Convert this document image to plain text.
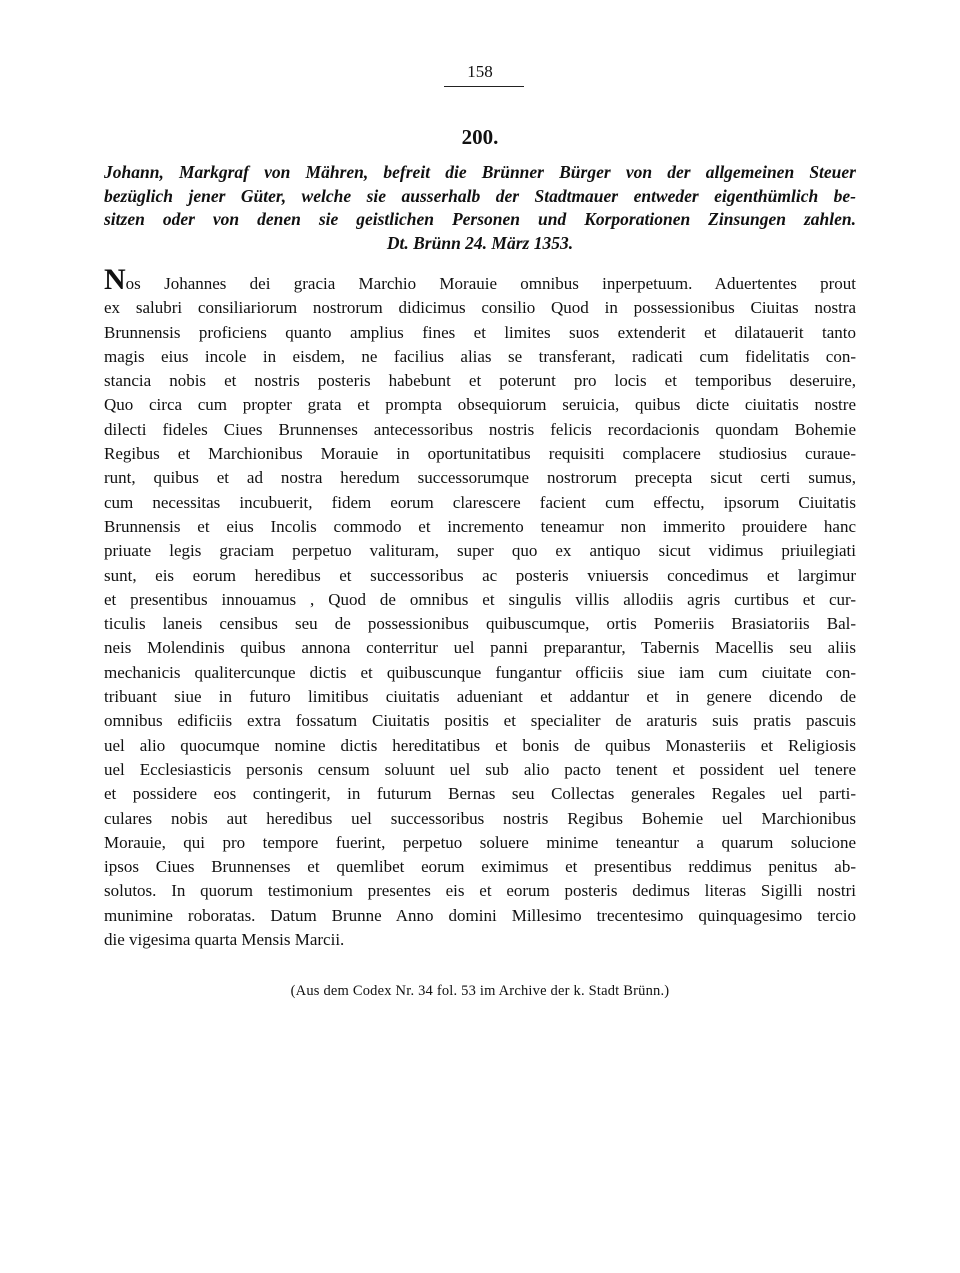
158
200.
Johann, Markgraf von Mähren, befreit die Brünner Bürger von der allgemeinen Steuer
bezüglich jener Güter, welche sie ausserhalb der Stadtmauer entweder eigenthümlich be-
sitzen oder von denen sie geistlichen Personen und Korporationen Zinsungen zahlen.
Dt. Brünn 24. März 1353.
Nos Johannes dei gracia Marchio Morauie omnibus inperpetuum. Aduertentes prout
ex salubri consiliariorum nostrorum didicimus consilio Quod in possessionibus Ciuitas nostra
Brunnensis proficiens quanto amplius fines et limites suos extenderit et dilatauerit tanto
magis eius incole in eisdem, ne facilius alias se transferant, radicati cum fidelitatis con-
stancia nobis et nostris posteris habebunt et poterunt pro locis et temporibus deseruire,
Quo circa cum propter grata et prompta obsequiorum seruicia, quibus dicte ciuitatis nostre
dilecti fideles Ciues Brunnenses antecessoribus nostris felicis recordacionis quondam Bohemie
Regibus et Marchionibus Morauie in oportunitatibus requisiti complacere studiosius curaue-
runt, quibus et ad nostra heredum successorumque nostrorum precepta sicut certi sumus,
cum necessitas incubuerit, fidem eorum clarescere facient cum effectu, ipsorum Ciuitatis
Brunnensis et eius Incolis commodo et incremento teneamur non immerito prouidere hanc
priuate legis graciam perpetuo valituram, super quo ex antiquo sicut vidimus priuilegiati
sunt, eis eorum heredibus et successoribus ac posteris vniuersis concedimus et largimur
et presentibus innouamus , Quod de omnibus et singulis villis allodiis agris curtibus et cur-
ticulis laneis censibus seu de possessionibus quibuscumque, ortis Pomeriis Brasiatoriis Bal-
neis Molendinis quibus annona conterritur uel panni preparantur, Tabernis Macellis seu aliis
mechanicis qualitercunque dictis et quibuscunque fungantur officiis siue iam cum ciuitate con-
tribuant siue in futuro limitibus ciuitatis adueniant et addantur et in genere dicendo de
omnibus edificiis extra fossatum Ciuitatis positis et specialiter de araturis suis pratis pascuis
uel alio quocumque nomine dictis hereditatibus et bonis de quibus Monasteriis et Religiosis
uel Ecclesiasticis personis censum soluunt uel sub alio pacto tenent et possident uel tenere
et possidere eos contingerit, in futurum Bernas seu Collectas generales Regales uel parti-
culares nobis aut heredibus uel successoribus nostris Regibus Bohemie uel Marchionibus
Morauie, qui pro tempore fuerint, perpetuo soluere minime teneantur a quarum solucione
ipsos Ciues Brunnenses et quemlibet eorum eximimus et presentibus reddimus penitus ab-
solutos. In quorum testimonium presentes eis et eorum posteris dedimus literas Sigilli nostri
munimine roboratas. Datum Brunne Anno domini Millesimo trecentesimo quinquagesimo tercio
die vigesima quarta Mensis Marcii.
(Aus dem Codex Nr. 34 fol. 53 im Archive der k. Stadt Brünn.)
